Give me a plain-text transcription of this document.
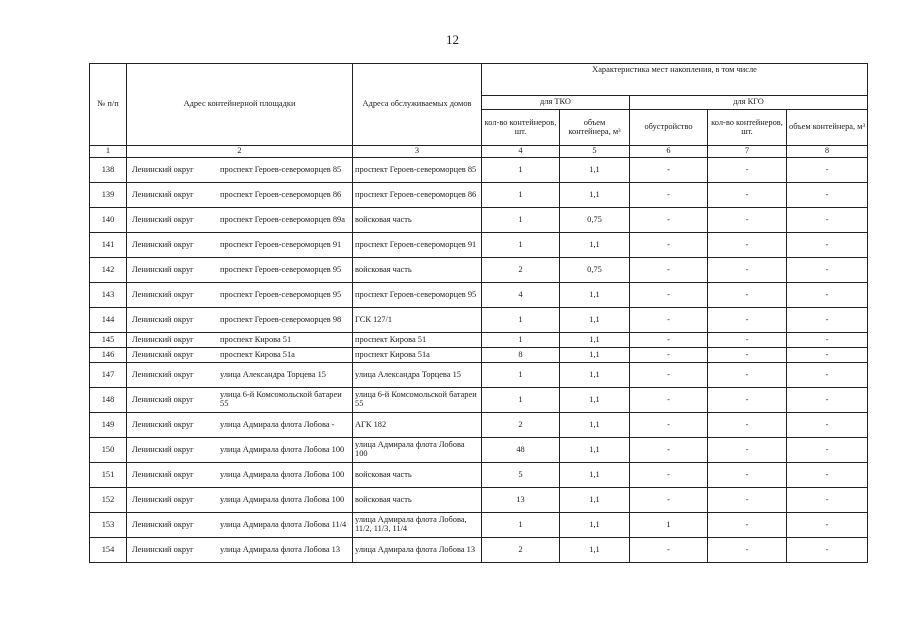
12
№ п/п	Адрес контейнерной площадки	Адреса обслуживаемых домов	Характеристика мест накопления, в том числе				
			для ТКО		для КГО		
			кол-во контейнеров, шт.	объем контейнера, м³	обустройство	кол-во контейнеров, шт.	объем контейнера, м³
1	2	3	4	5	6	7	8
138	Ленинский округ проспект Героев-североморцев 85	проспект Героев-североморцев 85	1	1,1	-	-	-
139	Ленинский округ проспект Героев-североморцев 86	проспект Героев-североморцев 86	1	1,1	-	-	-
140	Ленинский округ проспект Героев-североморцев 89а	войсковая часть	1	0,75	-	-	-
141	Ленинский округ проспект Героев-североморцев 91	проспект Героев-североморцев 91	1	1,1	-	-	-
142	Ленинский округ проспект Героев-североморцев 95	войсковая часть	2	0,75	-	-	-
143	Ленинский округ проспект Героев-североморцев 95	проспект Героев-североморцев 95	4	1,1	-	-	-
144	Ленинский округ проспект Героев-североморцев 98	ГСК 127/1	1	1,1	-	-	-
145	Ленинский округ проспект Кирова 51	проспект Кирова 51	1	1,1	-	-	-
146	Ленинский округ проспект Кирова 51а	проспект Кирова 51а	8	1,1	-	-	-
147	Ленинский округ улица Александра Торцева 15	улица Александра Торцева 15	1	1,1	-	-	-
148	Ленинский округ улица 6-й Комсомольской батареи 55	улица 6-й Комсомольской батареи 55	1	1,1	-	-	-
149	Ленинский округ улица Адмирала флота Лобова -	АГК 182	2	1,1	-	-	-
150	Ленинский округ улица Адмирала флота Лобова 100	улица Адмирала флота Лобова 100	48	1,1	-	-	-
151	Ленинский округ улица Адмирала флота Лобова 100	войсковая часть	5	1,1	-	-	-
152	Ленинский округ улица Адмирала флота Лобова 100	войсковая часть	13	1,1	-	-	-
153	Ленинский округ улица Адмирала флота Лобова 11/4	улица Адмирала флота Лобова, 11/2, 11/3, 11/4	1	1,1	1	-	-
154	Ленинский округ улица Адмирала флота Лобова 13	улица Адмирала флота Лобова 13	2	1,1	-	-	-
